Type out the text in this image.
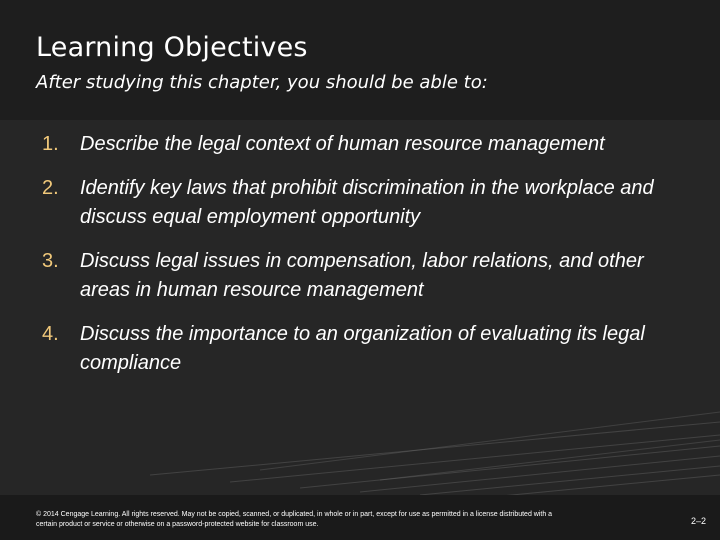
Learning Objectives

After studying this chapter, you should be able to:

1. Describe the legal context of human resource management
2. Identify key laws that prohibit discrimination in the workplace and discuss equal employment opportunity
3. Discuss legal issues in compensation, labor relations, and other areas in human resource management
4. Discuss the importance to an organization of evaluating its legal compliance
© 2014 Cengage Learning. All rights reserved. May not be copied, scanned, or duplicated, in whole or in part, except for use as permitted in a license distributed with a certain product or service or otherwise on a password-protected website for classroom use.	2–2
